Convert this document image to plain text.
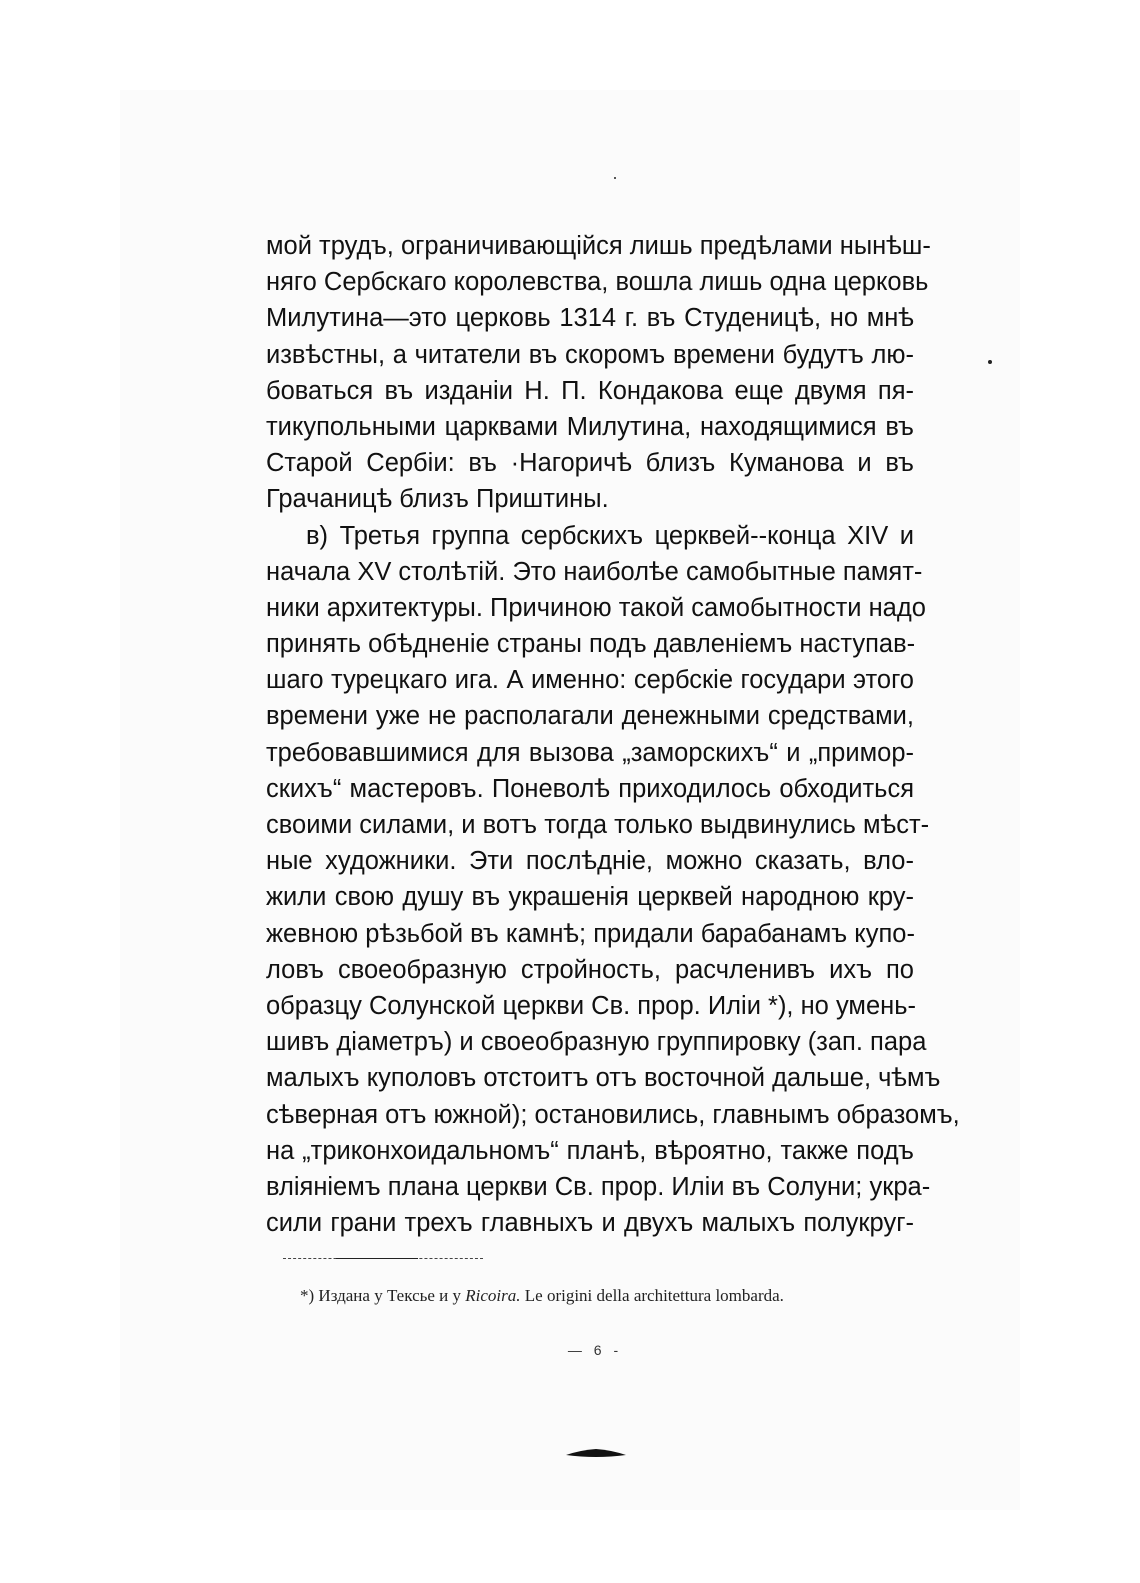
мой трудъ, ограничивающійся лишь предѣлами нынѣш-
няго Сербскаго королевства, вошла лишь одна церковь
Милутина—это церковь 1314 г. въ Студеницѣ, но мнѣ
извѣстны, а читатели въ скоромъ времени будутъ лю-
боваться въ изданіи Н. П. Кондакова еще двумя пя-
тикупольными царквами Милутина, находящимися въ
Старой Сербіи: въ ·Нагоричѣ близъ Куманова и въ
Грачаницѣ близъ Приштины.
в) Третья группа сербскихъ церквей--конца XIV и
начала XV столѣтій. Это наиболѣе самобытные памят-
ники архитектуры. Причиною такой самобытности надо
принять обѣдненіе страны подъ давленіемъ наступав-
шаго турецкаго ига. А именно: сербскіе государи этого
времени уже не располагали денежными средствами,
требовавшимися для вызова „заморскихъ“ и „примор-
скихъ“ мастеровъ. Поневолѣ приходилось обходиться
своими силами, и вотъ тогда только выдвинулись мѣст-
ные художники. Эти послѣдніе, можно сказать, вло-
жили свою душу въ украшенія церквей народною кру-
жевною рѣзьбой въ камнѣ; придали барабанамъ купо-
ловъ своеобразную стройность, расчленивъ ихъ по
образцу Солунской церкви Св. прор. Иліи *), но умень-
шивъ діаметръ) и своеобразную группировку (зап. пара
малыхъ куполовъ отстоитъ отъ восточной дальше, чѣмъ
сѣверная отъ южной); остановились, главнымъ образомъ,
на „триконхоидальномъ“ планѣ, вѣроятно, также подъ
вліяніемъ плана церкви Св. прор. Иліи въ Солуни; укра-
сили грани трехъ главныхъ и двухъ малыхъ полукруг-
*) Издана у Тексье и у Ricoira. Le origini della architettura lombarda.
— 6 -
